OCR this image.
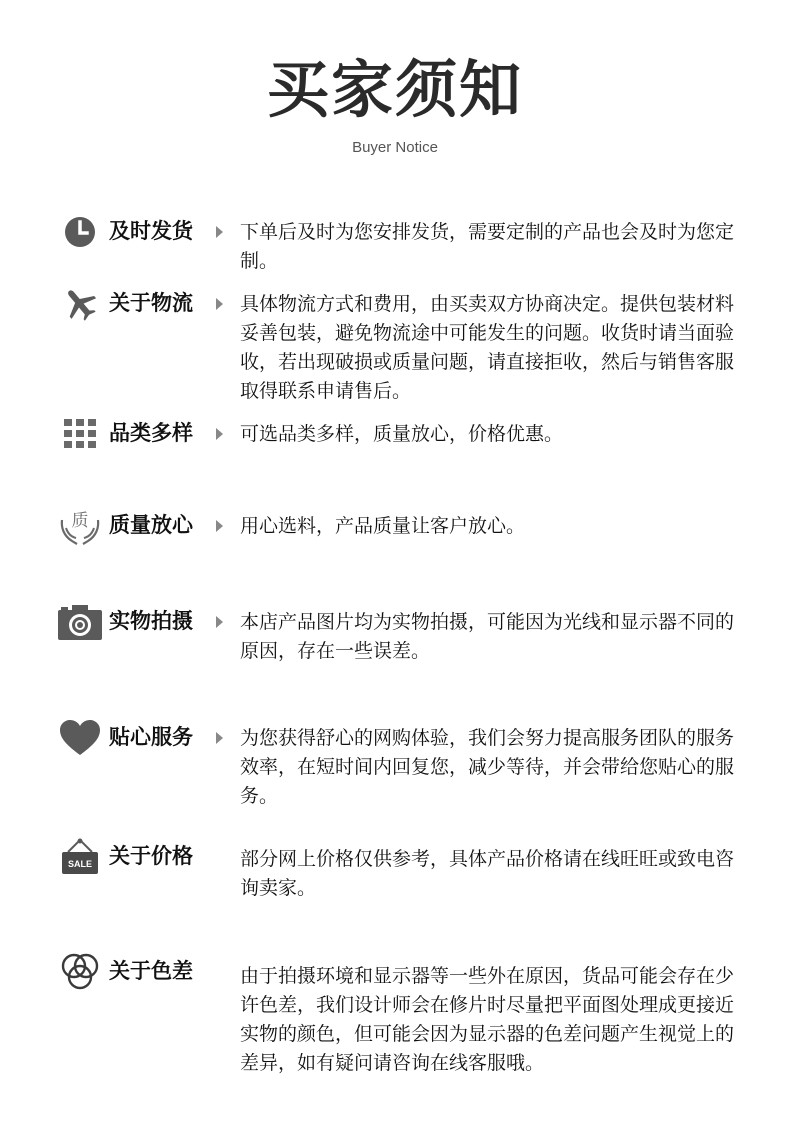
买家须知
Buyer Notice
及时发货 下单后及时为您安排发货，需要定制的产品也会及时为您定制。

关于物流 具体物流方式和费用，由买卖双方协商决定。提供包装材料妥善包装，避免物流途中可能发生的问题。收货时请当面验收，若出现破损或质量问题，请直接拒收，然后与销售客服取得联系申请售后。

品类多样 可选品类多样，质量放心，价格优惠。

质 质量放心 用心选料，产品质量让客户放心。

实物拍摄 本店产品图片均为实物拍摄，可能因为光线和显示器不同的原因，存在一些误差。

贴心服务 为您获得舒心的网购体验，我们会努力提高服务团队的服务效率，在短时间内回复您，减少等待，并会带给您贴心的服务。

SALE 关于价格 部分网上价格仅供参考，具体产品价格请在线旺旺或致电咨询卖家。

关于色差 由于拍摄环境和显示器等一些外在原因，货品可能会存在少许色差，我们设计师会在修片时尽量把平面图处理成更接近实物的颜色，但可能会因为显示器的色差问题产生视觉上的差异，如有疑问请咨询在线客服哦。
